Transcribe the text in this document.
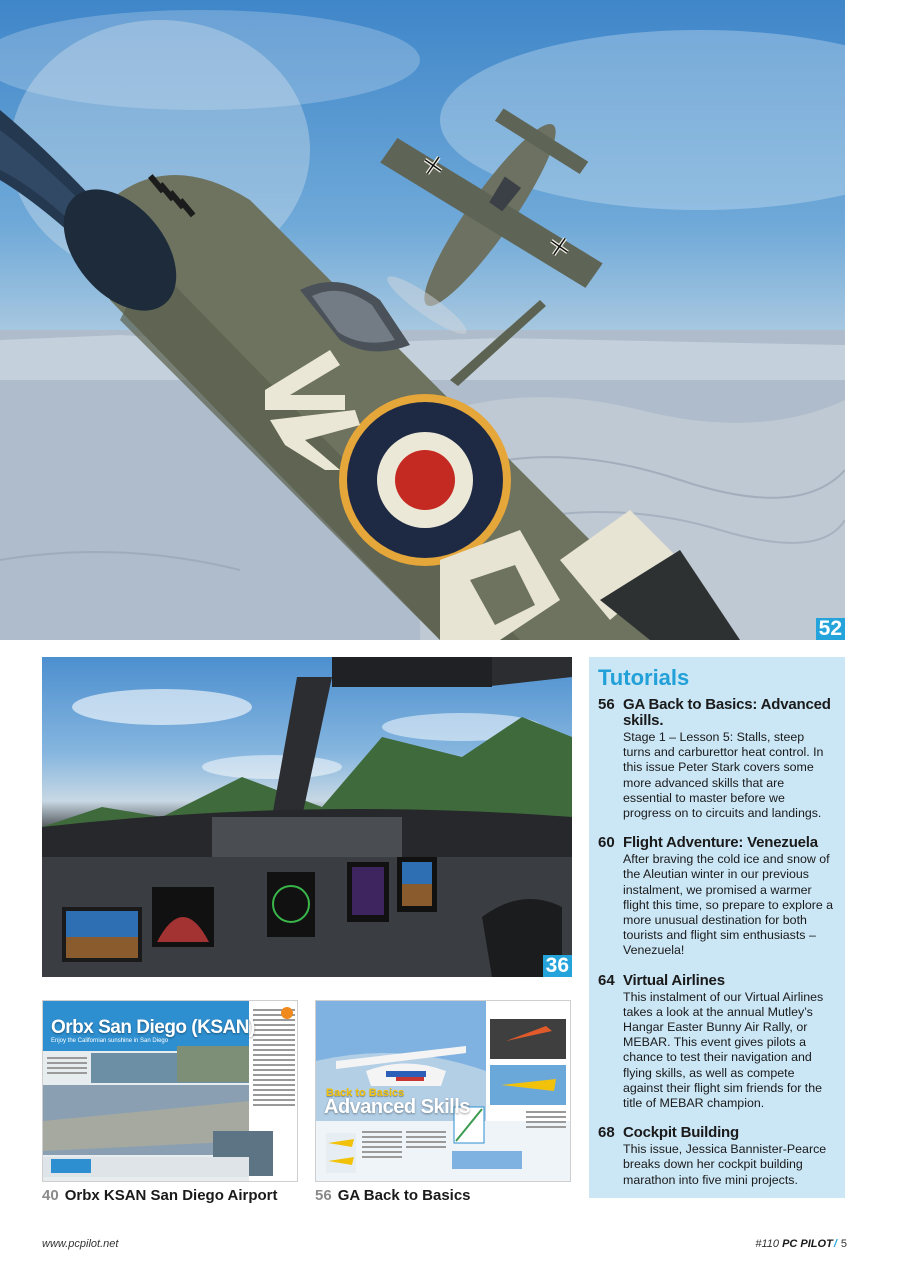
52
36
Orbx San Diego (KSAN)
Enjoy the Californian sunshine in San Diego
40 Orbx KSAN San Diego Airport
Back to Basics
Advanced Skills
56 GA Back to Basics
Tutorials
56 GA Back to Basics: Advanced skills.
Stage 1 – Lesson 5: Stalls, steep turns and carburettor heat control. In this issue Peter Stark covers some more advanced skills that are essential to master before we progress on to circuits and landings.
60 Flight Adventure: Venezuela
After braving the cold ice and snow of the Aleutian winter in our previous instalment, we promised a warmer flight this time, so prepare to explore a more unusual destination for both tourists and flight sim enthusiasts – Venezuela!
64 Virtual Airlines
This instalment of our Virtual Airlines takes a look at the annual Mutley’s Hangar Easter Bunny Air Rally, or MEBAR. This event gives pilots a chance to test their navigation and flying skills, as well as compete against their flight sim friends for the title of MEBAR champion.
68 Cockpit Building
This issue, Jessica Bannister-Pearce breaks down her cockpit building marathon into five mini projects.
www.pcpilot.net	#110 PC PILOT/ 5
